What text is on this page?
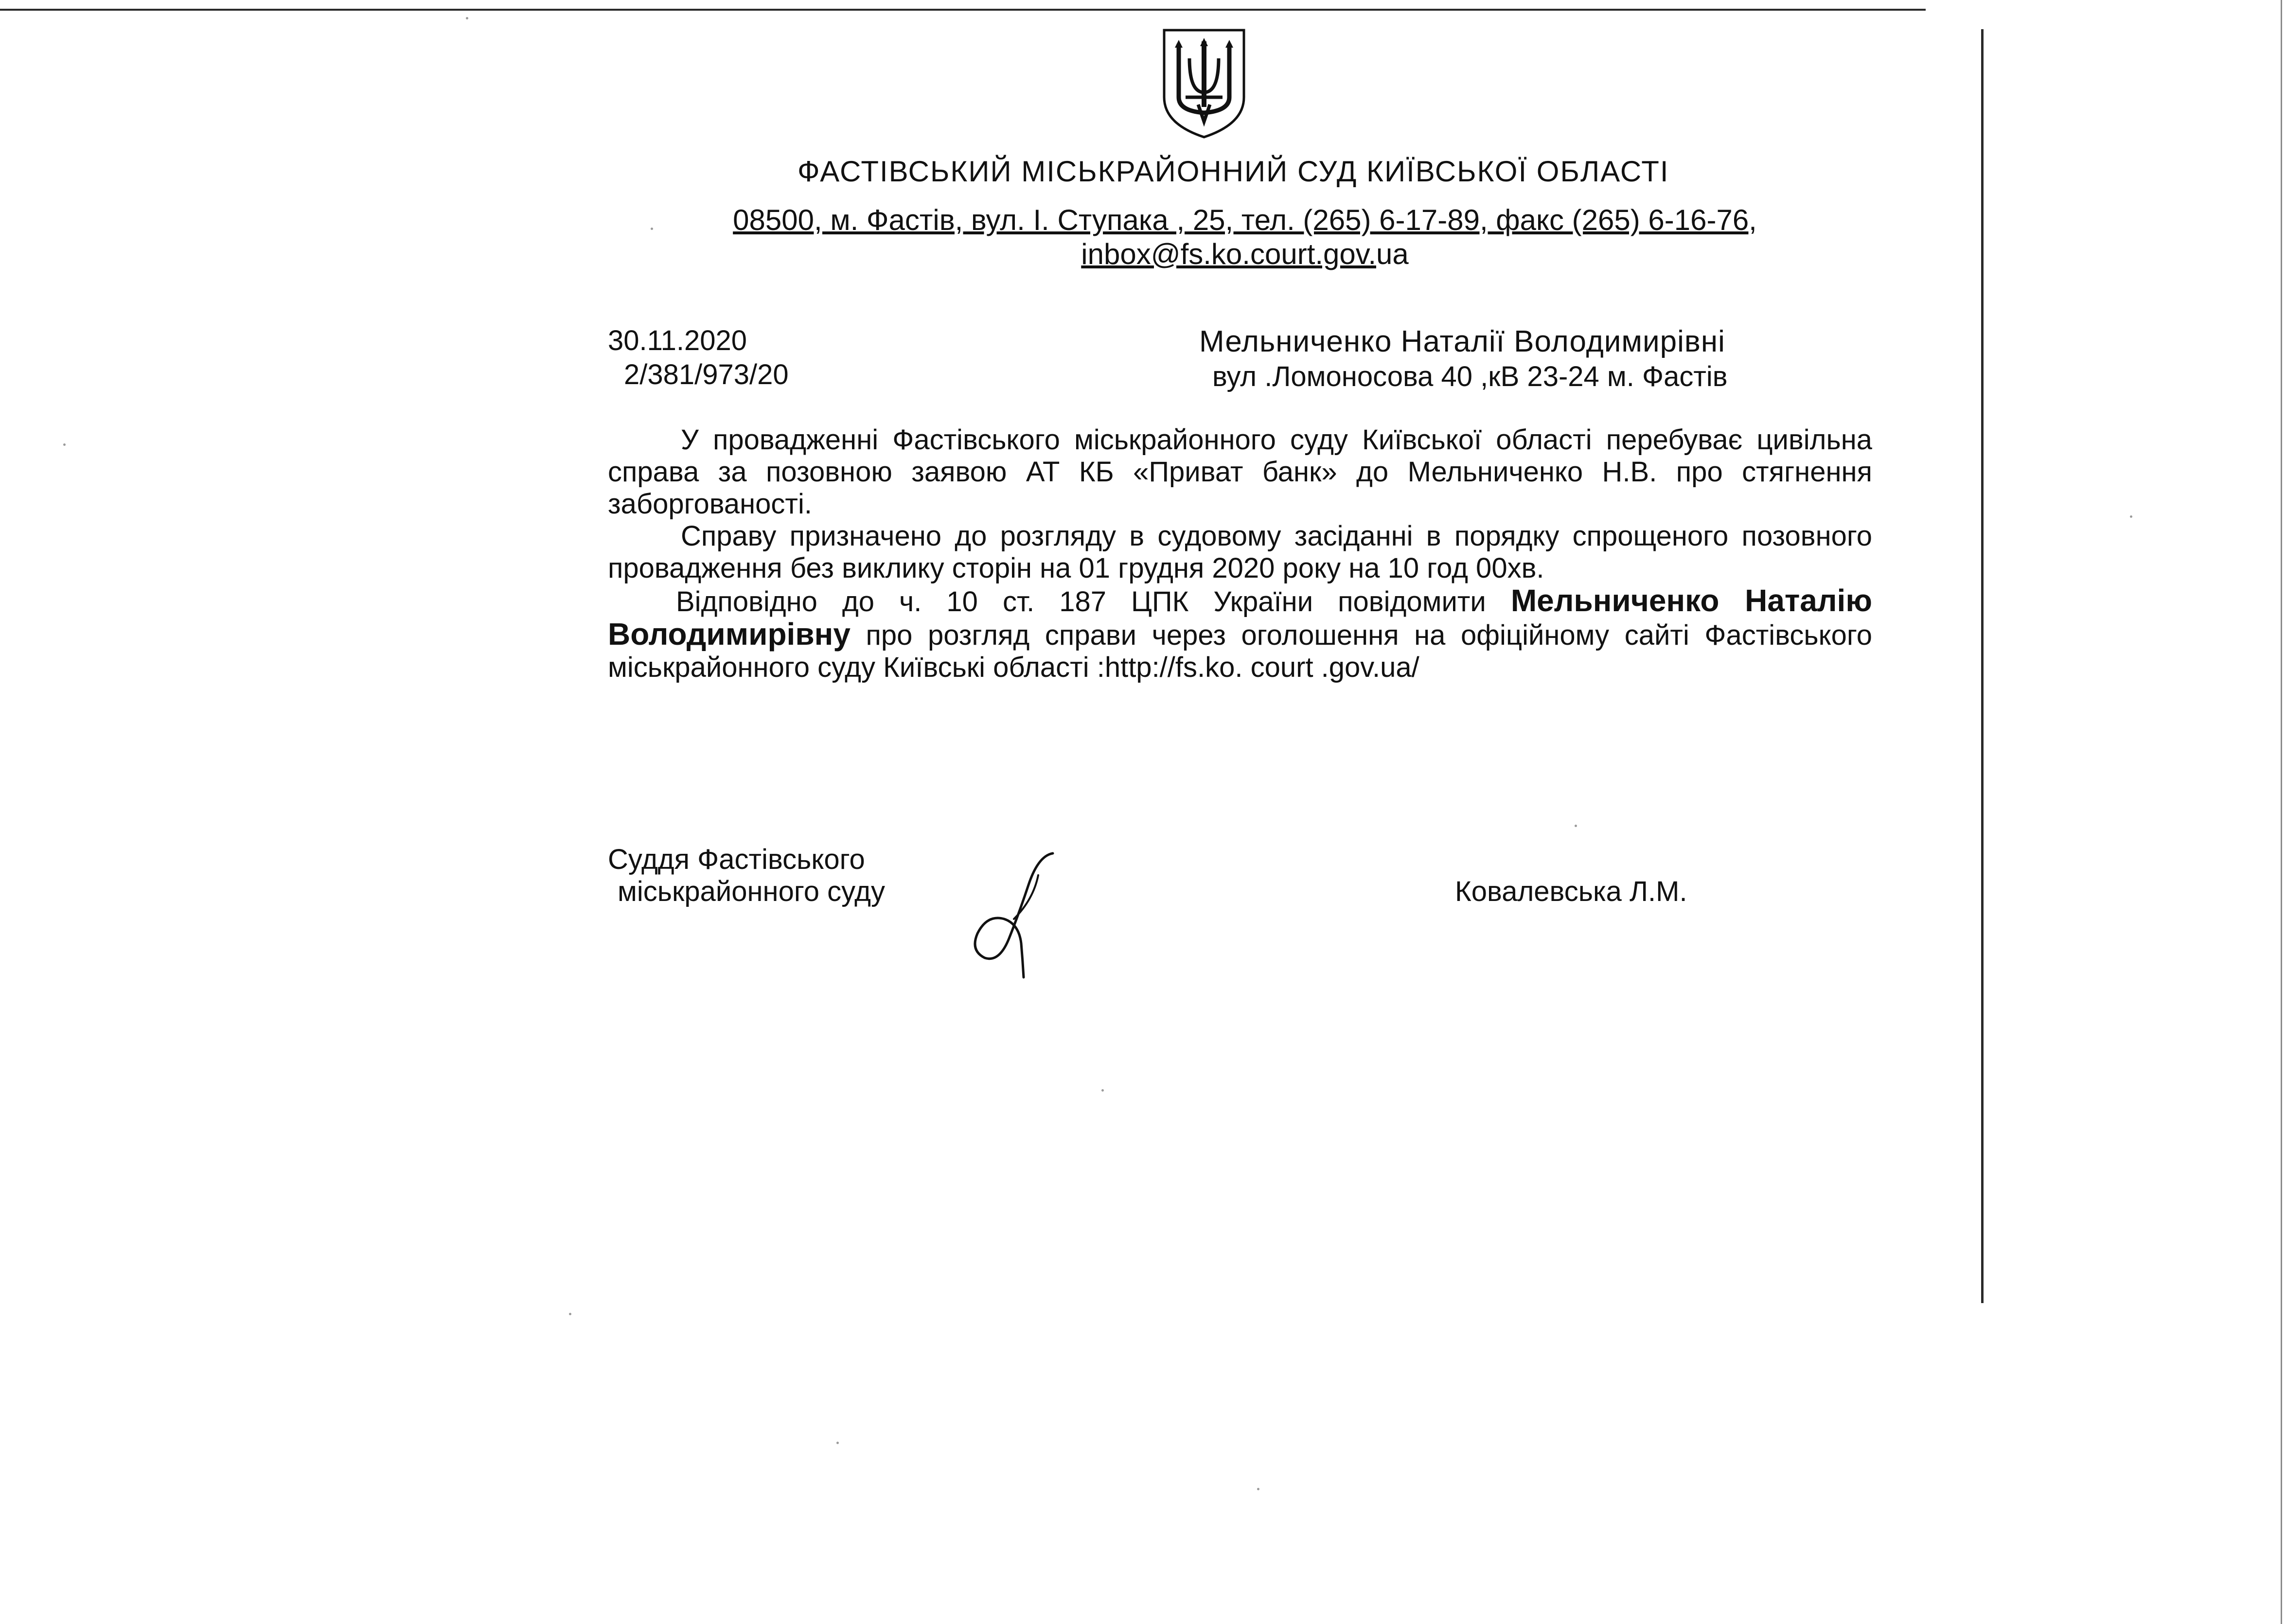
ФАСТІВСЬКИЙ МІСЬКРАЙОННИЙ СУД КИЇВСЬКОЇ ОБЛАСТІ
08500, м. Фастів, вул. І. Ступака , 25, тел. (265) 6-17-89, факс (265) 6-16-76,
inbox@fs.ko.court.gov.ua
30.11.2020
2/381/973/20
Мельниченко Наталії Володимирівні
вул .Ломоносова 40 ,кВ 23-24 м. Фастів

У провадженні Фастівського міськрайонного суду Київської області перебуває цивільна справа за позовною заявою АТ КБ «Приват банк» до Мельниченко Н.В. про стягнення заборгованості.

Справу призначено до розгляду в судовому засіданні в порядку спрощеного позовного провадження без виклику сторін на 01 грудня 2020 року на 10 год 00хв.

Відповідно до ч. 10 ст. 187 ЦПК України повідомити Мельниченко Наталію Володимирівну про розгляд справи через оголошення на офіційному сайті Фастівського міськрайонного суду Київські області :http://fs.ko. court .gov.ua/

Суддя Фастівського
міськрайонного суду	Ковалевська Л.М.
